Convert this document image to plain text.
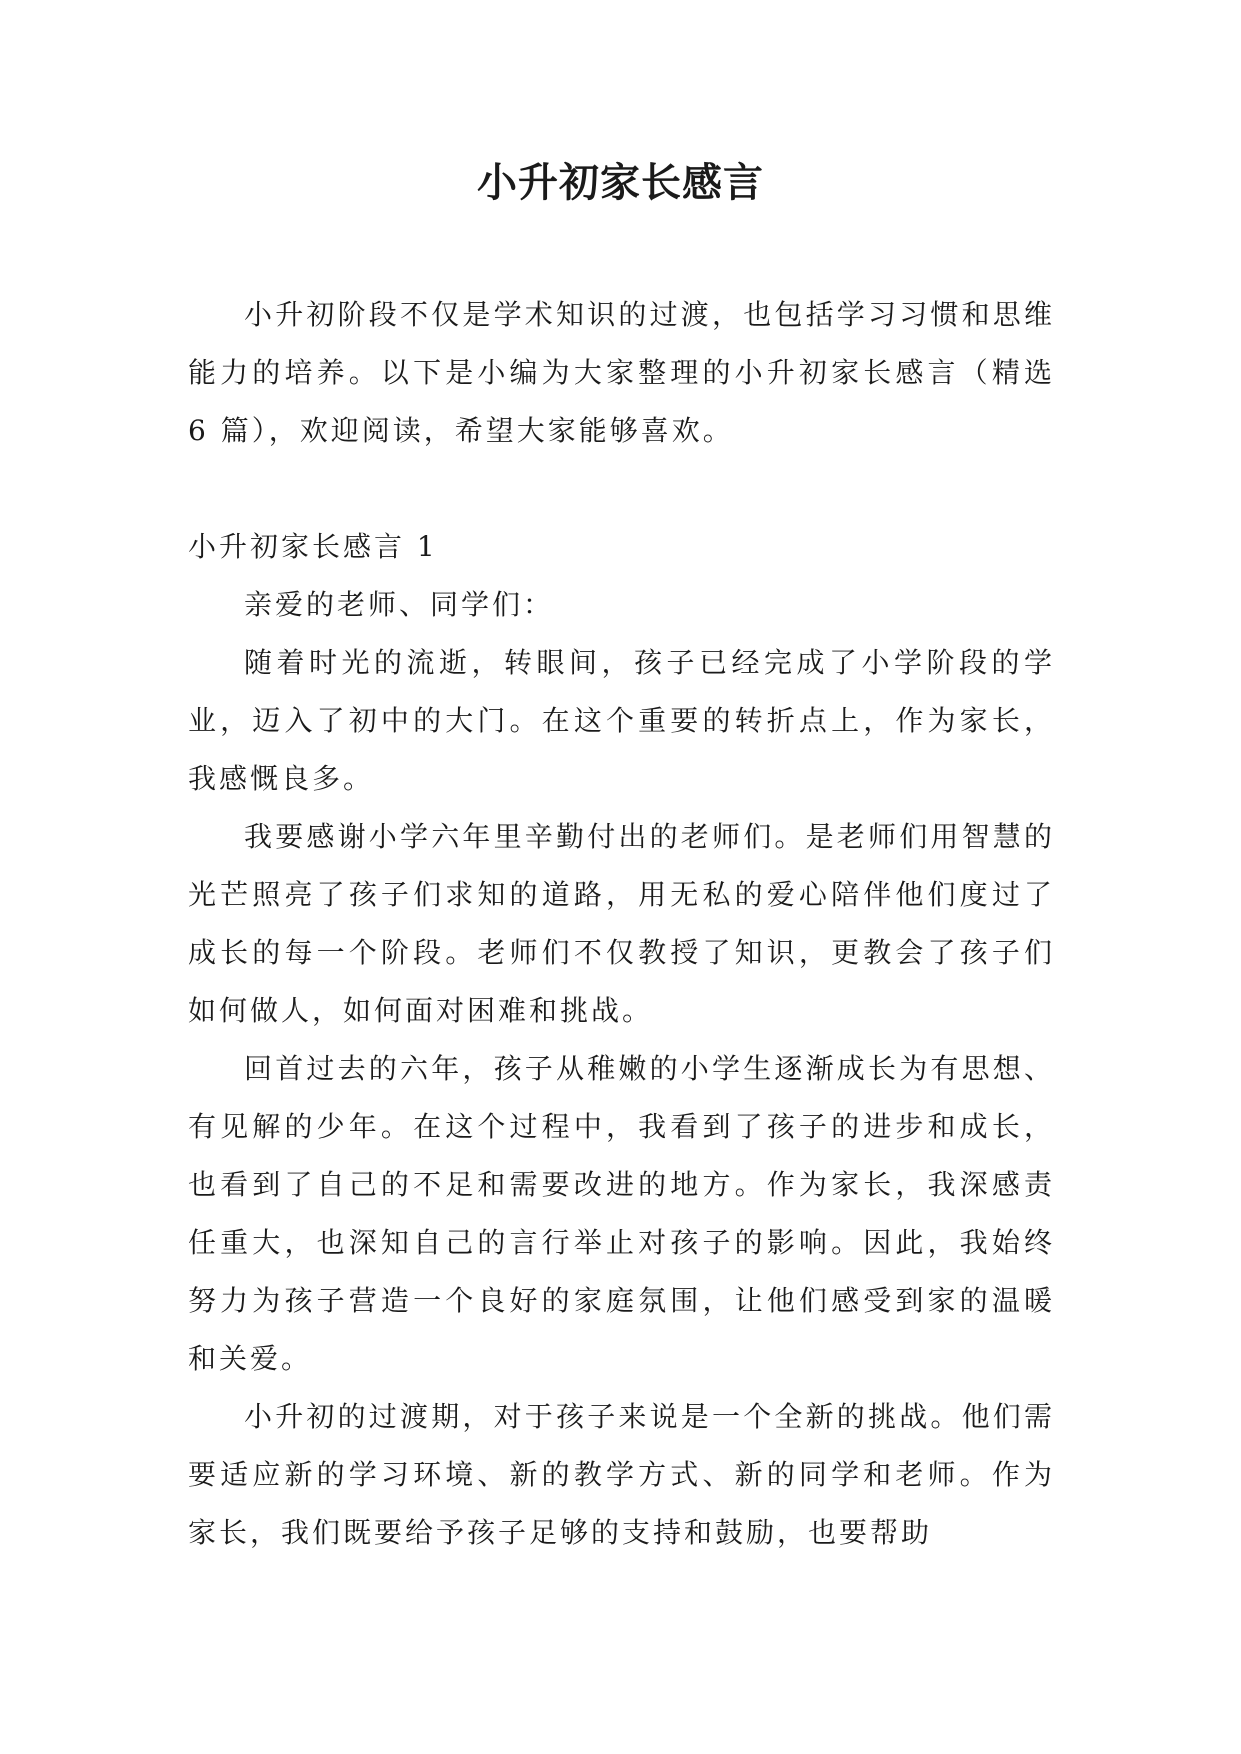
小升初家长感言

小升初阶段不仅是学术知识的过渡，也包括学习习惯和思维能力的培养。以下是小编为大家整理的小升初家长感言（精选 6 篇），欢迎阅读，希望大家能够喜欢。

小升初家长感言 1

亲爱的老师、同学们：

随着时光的流逝，转眼间，孩子已经完成了小学阶段的学业，迈入了初中的大门。在这个重要的转折点上，作为家长，我感慨良多。

我要感谢小学六年里辛勤付出的老师们。是老师们用智慧的光芒照亮了孩子们求知的道路，用无私的爱心陪伴他们度过了成长的每一个阶段。老师们不仅教授了知识，更教会了孩子们如何做人，如何面对困难和挑战。

回首过去的六年，孩子从稚嫩的小学生逐渐成长为有思想、有见解的少年。在这个过程中，我看到了孩子的进步和成长，也看到了自己的不足和需要改进的地方。作为家长，我深感责任重大，也深知自己的言行举止对孩子的影响。因此，我始终努力为孩子营造一个良好的家庭氛围，让他们感受到家的温暖和关爱。

小升初的过渡期，对于孩子来说是一个全新的挑战。他们需要适应新的学习环境、新的教学方式、新的同学和老师。作为家长，我们既要给予孩子足够的支持和鼓励，也要帮助
